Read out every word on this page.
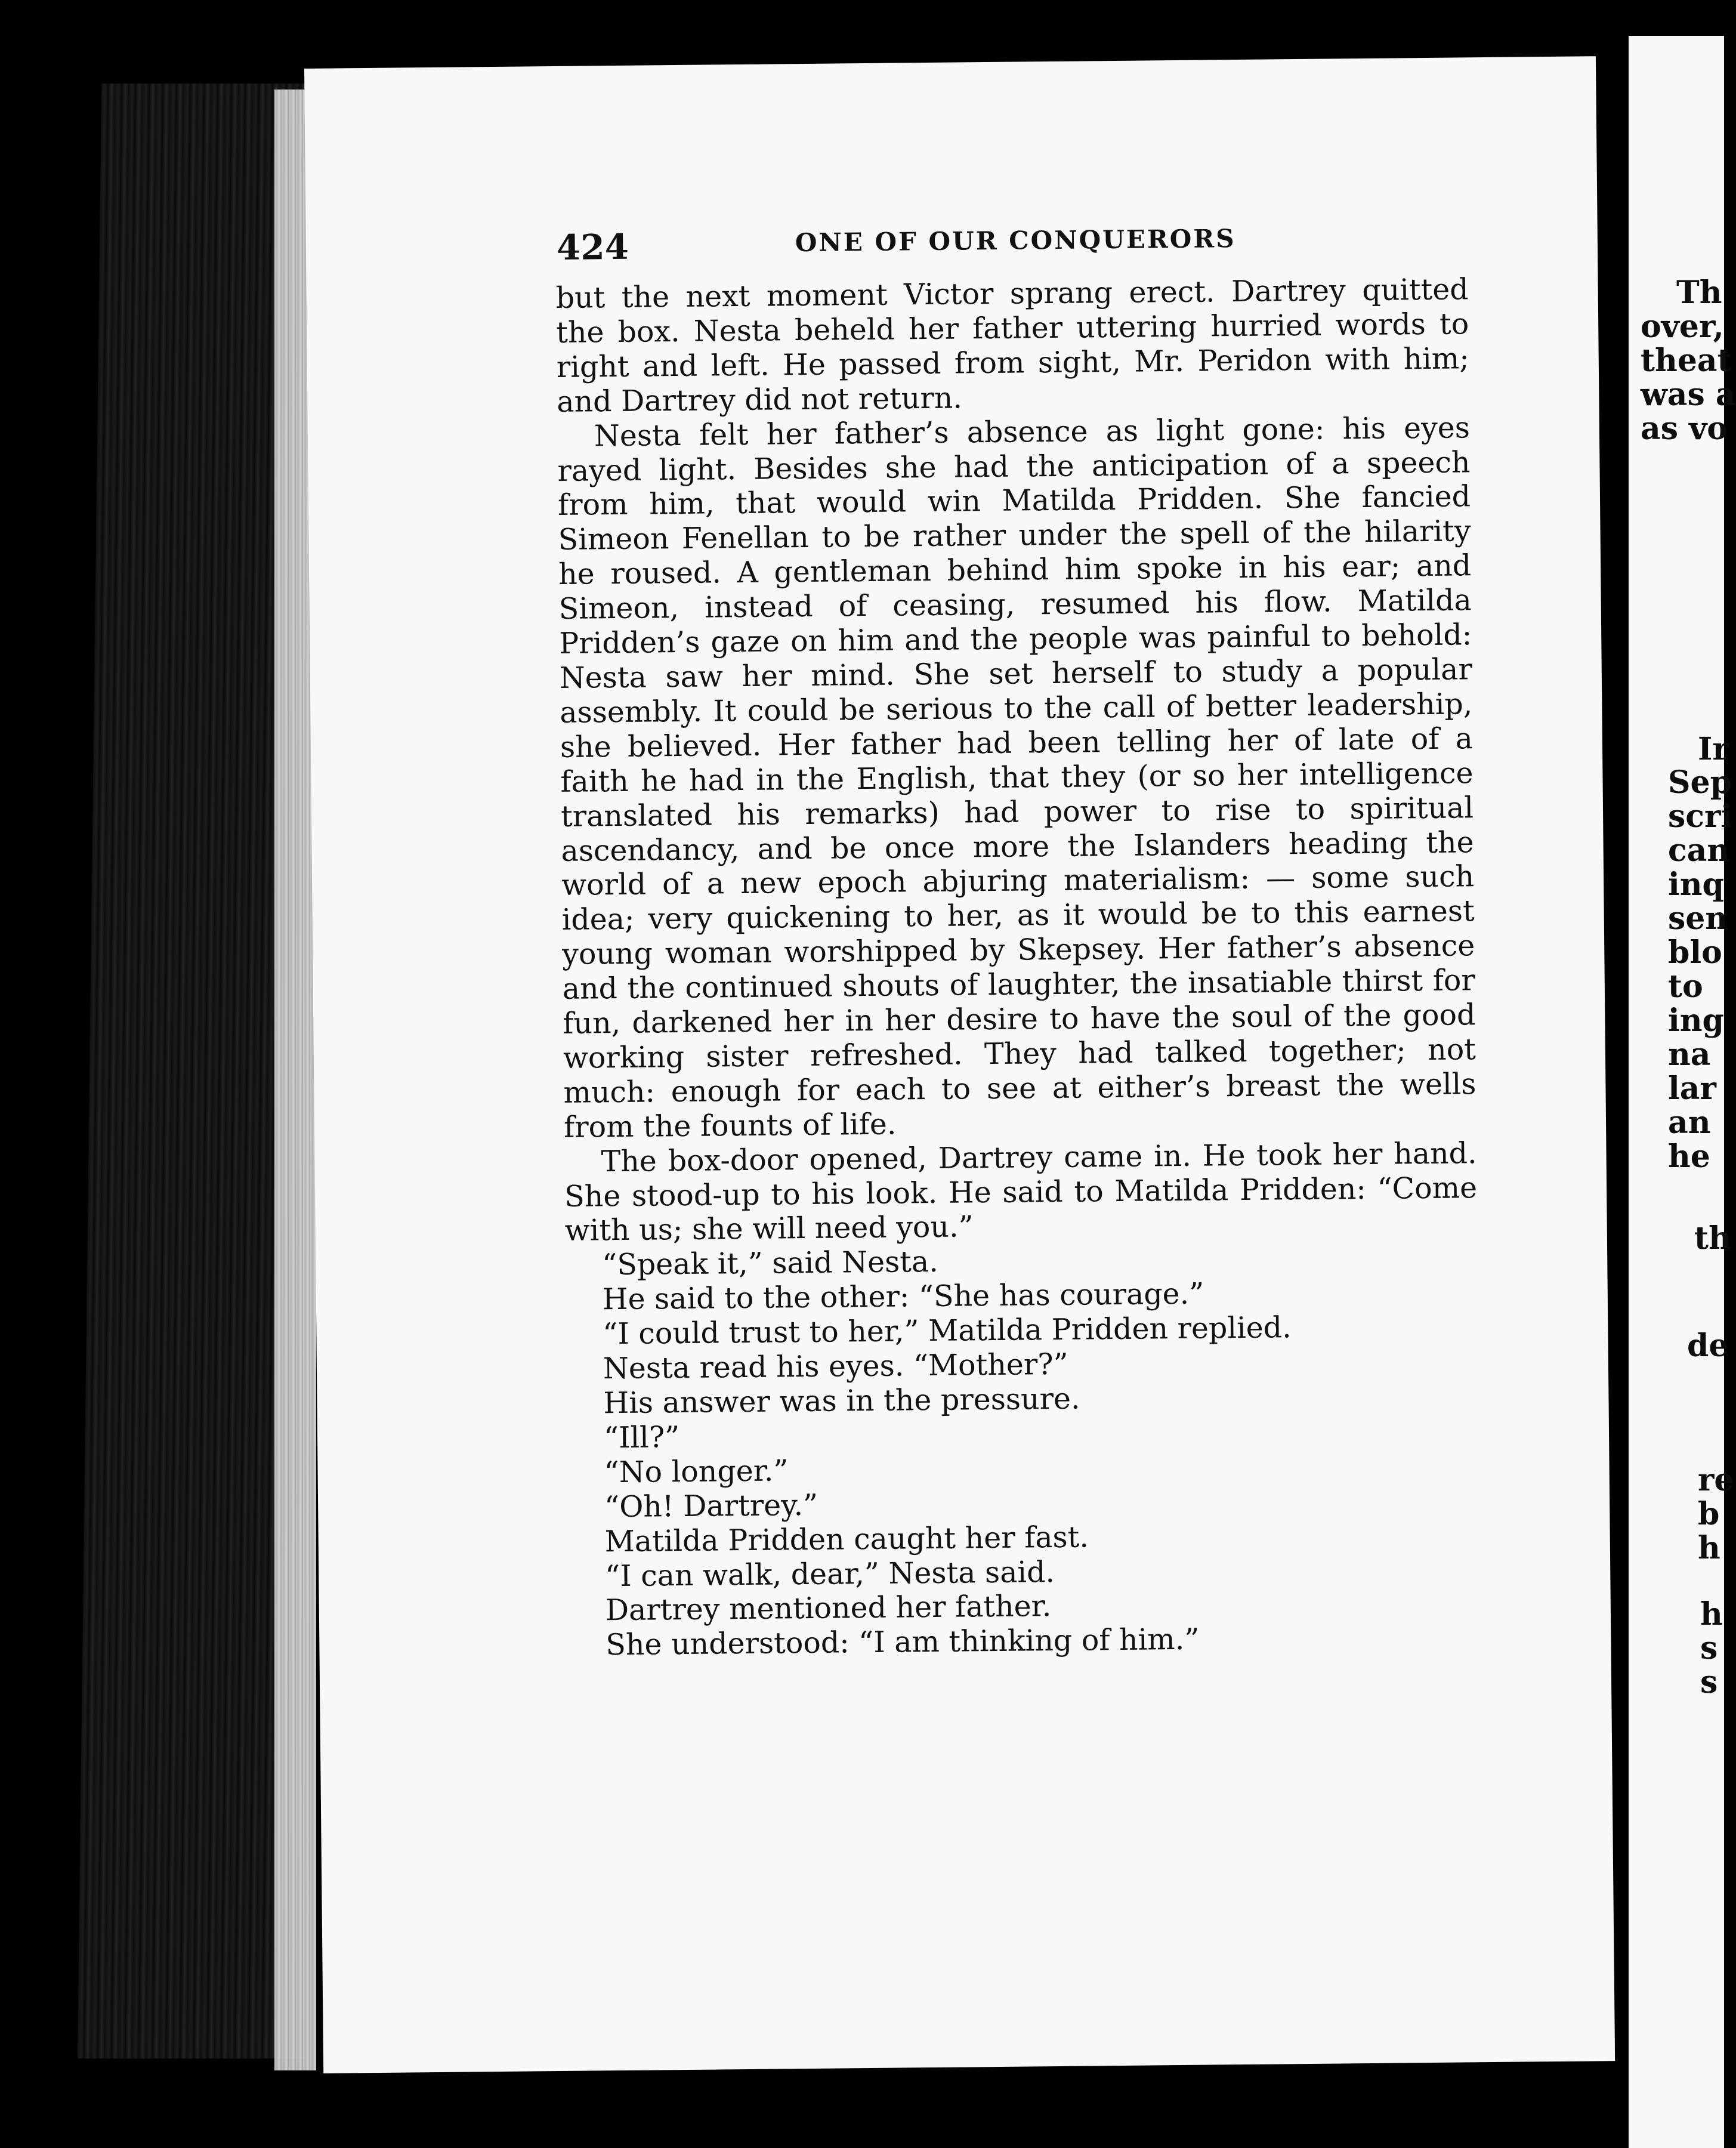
424	ONE OF OUR CONQUERORS

but the next moment Victor sprang erect. Dartrey quitted the box. Nesta beheld her father uttering hurried words to right and left. He passed from sight, Mr. Peridon with him; and Dartrey did not return.

Nesta felt her father’s absence as light gone: his eyes rayed light. Besides she had the anticipation of a speech from him, that would win Matilda Pridden. She fancied Simeon Fenellan to be rather under the spell of the hilarity he roused. A gentleman behind him spoke in his ear; and Simeon, instead of ceasing, resumed his flow. Matilda Pridden’s gaze on him and the people was painful to behold: Nesta saw her mind. She set herself to study a popular assembly. It could be serious to the call of better leadership, she believed. Her father had been telling her of late of a faith he had in the English, that they (or so her intelligence translated his remarks) had power to rise to spiritual ascendancy, and be once more the Islanders heading the world of a new epoch abjuring materialism: — some such idea; very quickening to her, as it would be to this earnest young woman worshipped by Skepsey. Her father’s absence and the continued shouts of laughter, the insatiable thirst for fun, darkened her in her desire to have the soul of the good working sister refreshed. They had talked together; not much: enough for each to see at either’s breast the wells from the founts of life.

The box-door opened, Dartrey came in. He took her hand. She stood-up to his look. He said to Matilda Pridden: “Come with us; she will need you.”

“Speak it,” said Nesta.

He said to the other: “She has courage.”

“I could trust to her,” Matilda Pridden replied.

Nesta read his eyes. “Mother?”

His answer was in the pressure.

“Ill?”

“No longer.”

“Oh! Dartrey.”

Matilda Pridden caught her fast.

“I can walk, dear,” Nesta said.

Dartrey mentioned her father.

She understood: “I am thinking of him.”

Th
over,
theat
was a
as vo
Ir
Sep
scri
can
inq
sen
blo
to
ing
na
lar
an
he
th
de
re
b
h
h
s
s
